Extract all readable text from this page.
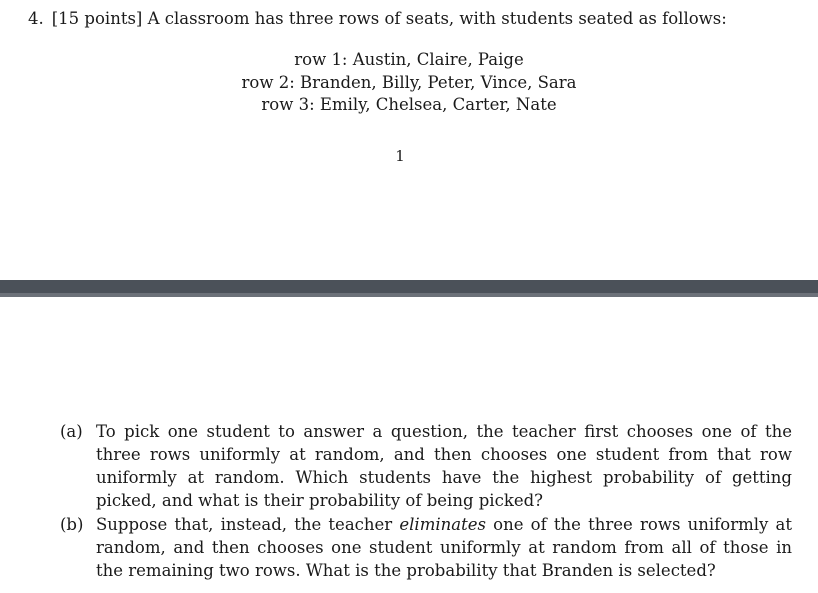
4. [15 points] A classroom has three rows of seats, with students seated as follows:
row 1: Austin, Claire, Paige
row 2: Branden, Billy, Peter, Vince, Sara
row 3: Emily, Chelsea, Carter, Nate
1
(a) To pick one student to answer a question, the teacher first chooses one of the three rows uniformly at random, and then chooses one student from that row uniformly at random. Which students have the highest probability of getting picked, and what is their probability of being picked?
(b) Suppose that, instead, the teacher eliminates one of the three rows uniformly at random, and then chooses one student uniformly at random from all of those in the remaining two rows. What is the probability that Branden is selected?
